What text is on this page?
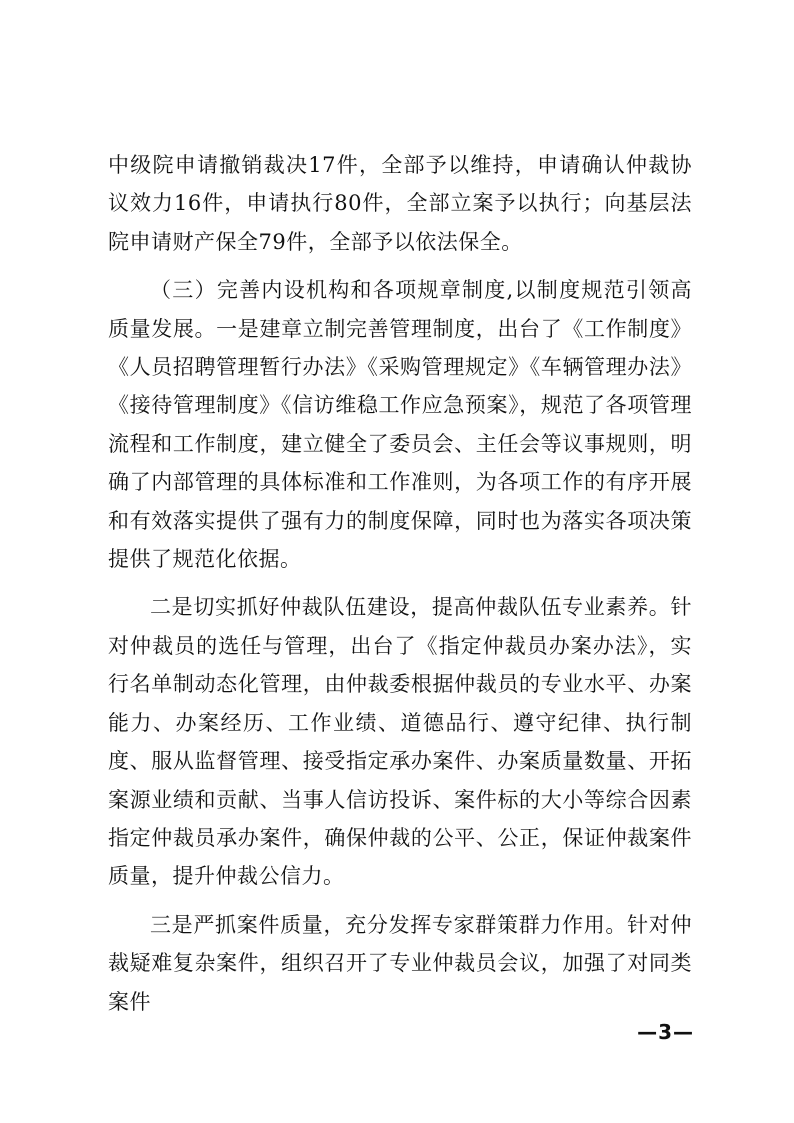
中级院申请撤销裁决17件，全部予以维持，申请确认仲裁协议效力16件，申请执行80件，全部立案予以执行；向基层法院申请财产保全79件，全部予以依法保全。

（三）完善内设机构和各项规章制度,以制度规范引领高质量发展。一是建章立制完善管理制度，出台了《工作制度》《人员招聘管理暂行办法》《采购管理规定》《车辆管理办法》《接待管理制度》《信访维稳工作应急预案》，规范了各项管理流程和工作制度，建立健全了委员会、主任会等议事规则，明确了内部管理的具体标准和工作准则，为各项工作的有序开展和有效落实提供了强有力的制度保障，同时也为落实各项决策提供了规范化依据。

二是切实抓好仲裁队伍建设，提高仲裁队伍专业素养。针对仲裁员的选任与管理，出台了《指定仲裁员办案办法》，实行名单制动态化管理，由仲裁委根据仲裁员的专业水平、办案能力、办案经历、工作业绩、道德品行、遵守纪律、执行制度、服从监督管理、接受指定承办案件、办案质量数量、开拓案源业绩和贡献、当事人信访投诉、案件标的大小等综合因素指定仲裁员承办案件，确保仲裁的公平、公正，保证仲裁案件质量，提升仲裁公信力。

三是严抓案件质量，充分发挥专家群策群力作用。针对仲裁疑难复杂案件，组织召开了专业仲裁员会议，加强了对同类案件

—3—
